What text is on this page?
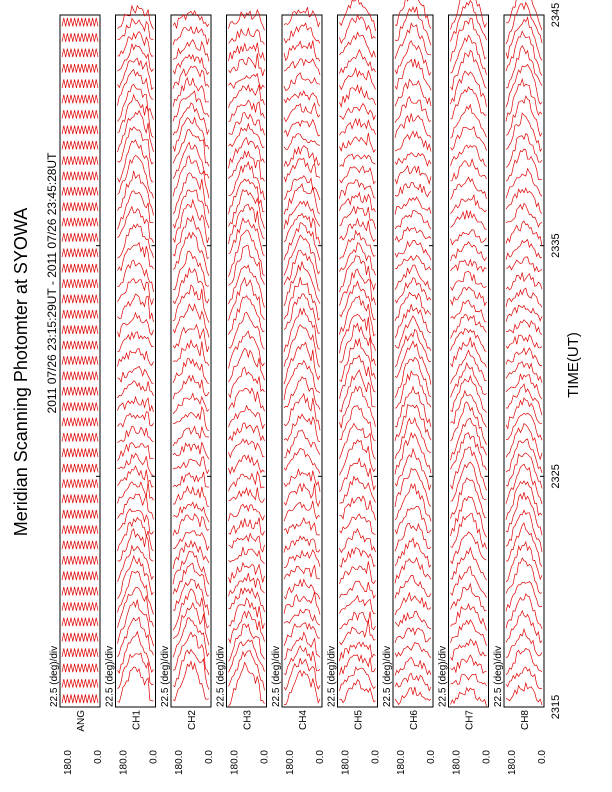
Meridian Scanning Photomter at SYOWA 2011 07/26 23:15:29UT - 2011 07/26 23:45:28UT	TIME(UT)
22.5 (deg)/div
180.0 0.0
ANG
22.5 (deg)/div
180.0 0.0
CH1
22.5 (deg)/div
180.0 0.0
CH2
22.5 (deg)/div
180.0 0.0
CH3
22.5 (deg)/div
180.0 0.0
CH4
22.5 (deg)/div
180.0 0.0
CH5
22.5 (deg)/div
180.0 0.0
CH6
22.5 (deg)/div
180.0 0.0
CH7
22.5 (deg)/div
180.0 0.0
CH8
2315
2325
2335
2345
